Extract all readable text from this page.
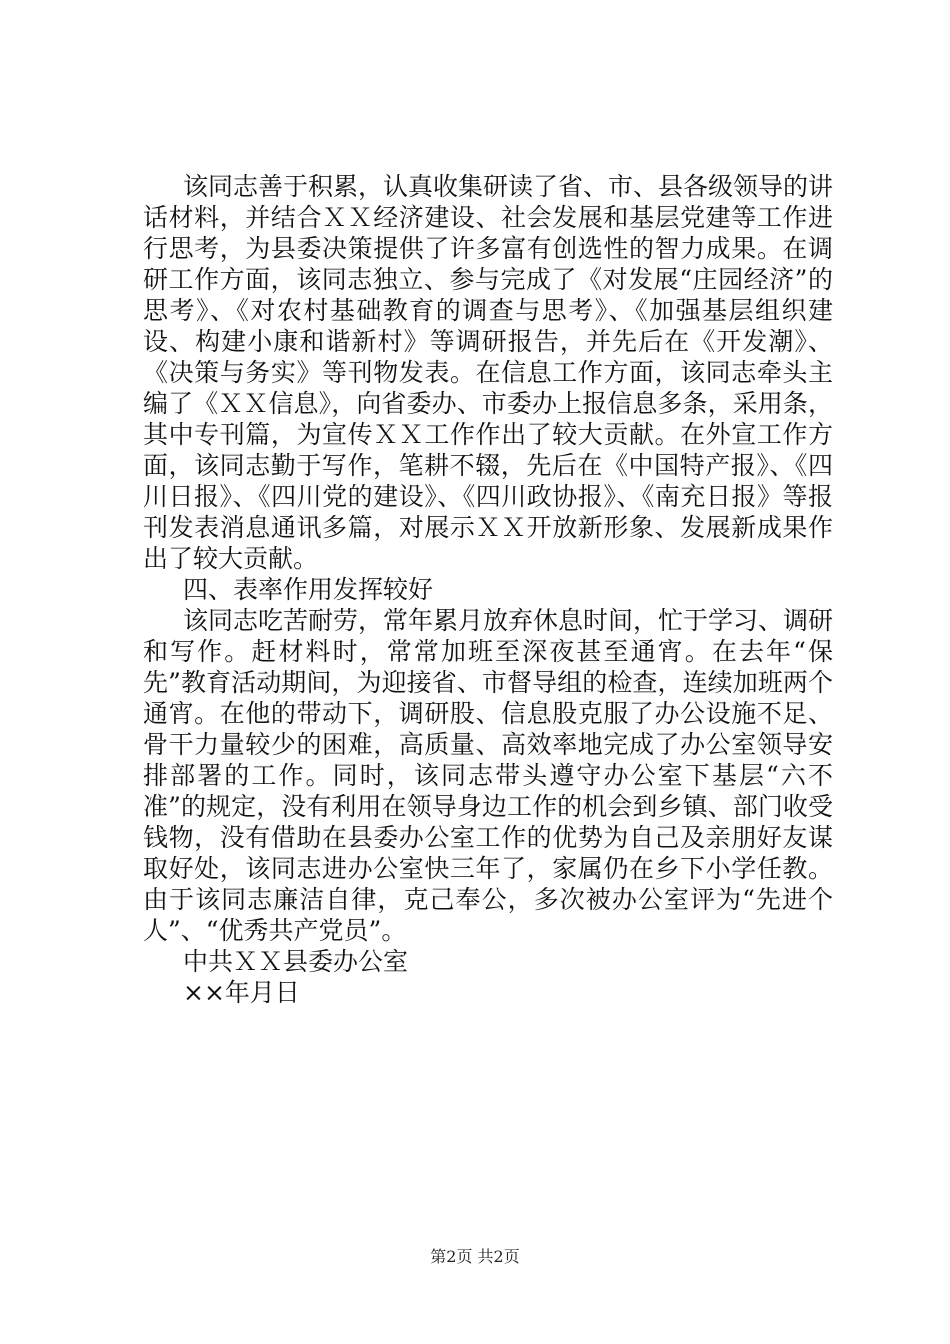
该同志善于积累，认真收集研读了省、市、县各级领导的讲话材料，并结合ＸＸ经济建设、社会发展和基层党建等工作进行思考，为县委决策提供了许多富有创选性的智力成果。在调研工作方面，该同志独立、参与完成了《对发展“庄园经济”的思考》、《对农村基础教育的调查与思考》、《加强基层组织建设、构建小康和谐新村》等调研报告，并先后在《开发潮》、《决策与务实》等刊物发表。在信息工作方面，该同志牵头主编了《ＸＸ信息》，向省委办、市委办上报信息多条，采用条，其中专刊篇，为宣传ＸＸ工作作出了较大贡献。在外宣工作方面，该同志勤于写作，笔耕不辍，先后在《中国特产报》、《四川日报》、《四川党的建设》、《四川政协报》、《南充日报》等报刊发表消息通讯多篇，对展示ＸＸ开放新形象、发展新成果作出了较大贡献。

四、表率作用发挥较好

该同志吃苦耐劳，常年累月放弃休息时间，忙于学习、调研和写作。赶材料时，常常加班至深夜甚至通宵。在去年“保先”教育活动期间，为迎接省、市督导组的检查，连续加班两个通宵。在他的带动下，调研股、信息股克服了办公设施不足、骨干力量较少的困难，高质量、高效率地完成了办公室领导安排部署的工作。同时，该同志带头遵守办公室下基层“六不准”的规定，没有利用在领导身边工作的机会到乡镇、部门收受钱物，没有借助在县委办公室工作的优势为自己及亲朋好友谋取好处，该同志进办公室快三年了，家属仍在乡下小学任教。由于该同志廉洁自律，克己奉公，多次被办公室评为“先进个人”、“优秀共产党员”。

中共ＸＸ县委办公室

××年月日

第2页 共2页
